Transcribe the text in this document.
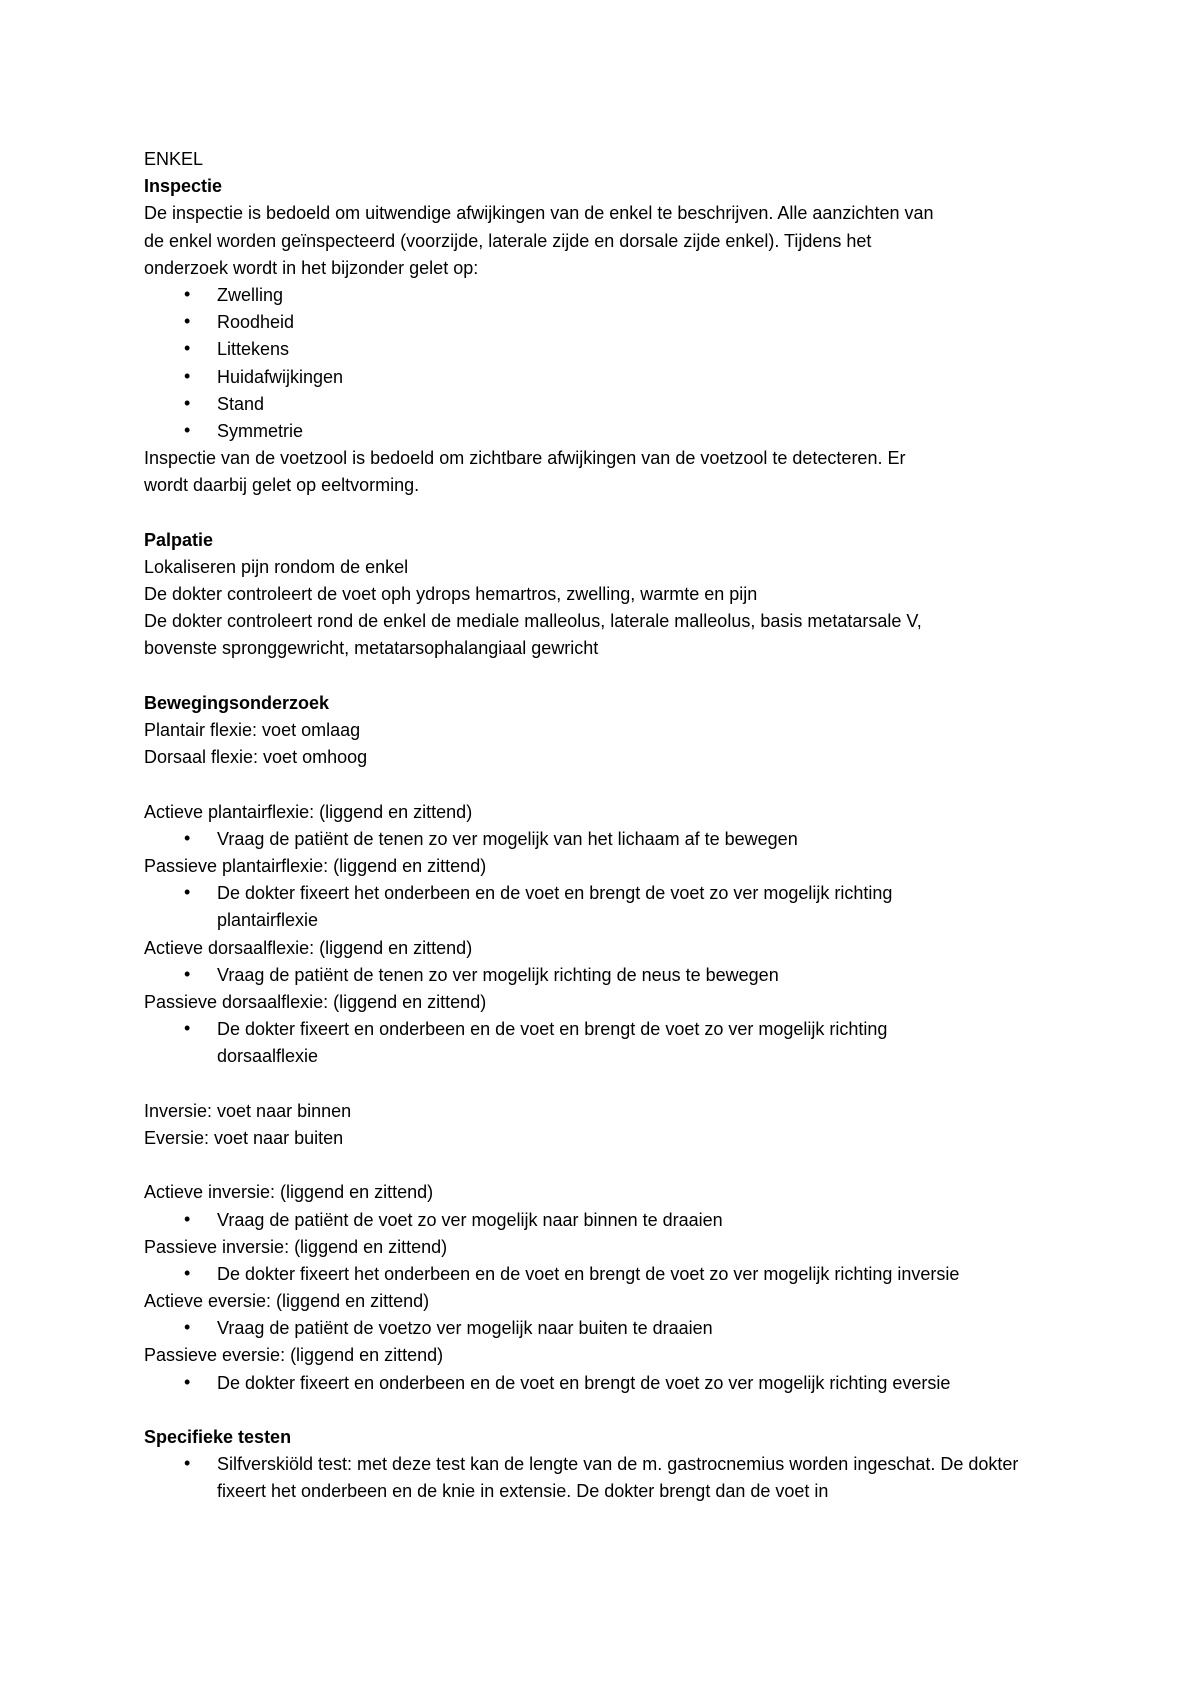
ENKEL
Inspectie
De inspectie is bedoeld om uitwendige afwijkingen van de enkel te beschrijven. Alle aanzichten van
de enkel worden geïnspecteerd (voorzijde, laterale zijde en dorsale zijde enkel). Tijdens het
onderzoek wordt in het bijzonder gelet op:
• Zwelling
• Roodheid
• Littekens
• Huidafwijkingen
• Stand
• Symmetrie
Inspectie van de voetzool is bedoeld om zichtbare afwijkingen van de voetzool te detecteren. Er
wordt daarbij gelet op eeltvorming.
Palpatie
Lokaliseren pijn rondom de enkel
De dokter controleert de voet oph ydrops hemartros, zwelling, warmte en pijn
De dokter controleert rond de enkel de mediale malleolus, laterale malleolus, basis metatarsale V,
bovenste spronggewricht, metatarsophalangiaal gewricht
Bewegingsonderzoek
Plantair flexie: voet omlaag
Dorsaal flexie: voet omhoog
Actieve plantairflexie: (liggend en zittend)
• Vraag de patiënt de tenen zo ver mogelijk van het lichaam af te bewegen
Passieve plantairflexie: (liggend en zittend)
• De dokter fixeert het onderbeen en de voet en brengt de voet zo ver mogelijk richting plantairflexie
Actieve dorsaalflexie: (liggend en zittend)
• Vraag de patiënt de tenen zo ver mogelijk richting de neus te bewegen
Passieve dorsaalflexie: (liggend en zittend)
• De dokter fixeert en onderbeen en de voet en brengt de voet zo ver mogelijk richting dorsaalflexie
Inversie: voet naar binnen
Eversie: voet naar buiten
Actieve inversie: (liggend en zittend)
• Vraag de patiënt de voet zo ver mogelijk naar binnen te draaien
Passieve inversie: (liggend en zittend)
• De dokter fixeert het onderbeen en de voet en brengt de voet zo ver mogelijk richting inversie
Actieve eversie: (liggend en zittend)
• Vraag de patiënt de voetzo ver mogelijk naar buiten te draaien
Passieve eversie: (liggend en zittend)
• De dokter fixeert en onderbeen en de voet en brengt de voet zo ver mogelijk richting eversie
Specifieke testen
• Silfverskiöld test: met deze test kan de lengte van de m. gastrocnemius worden ingeschat. De dokter fixeert het onderbeen en de knie in extensie. De dokter brengt dan de voet in
